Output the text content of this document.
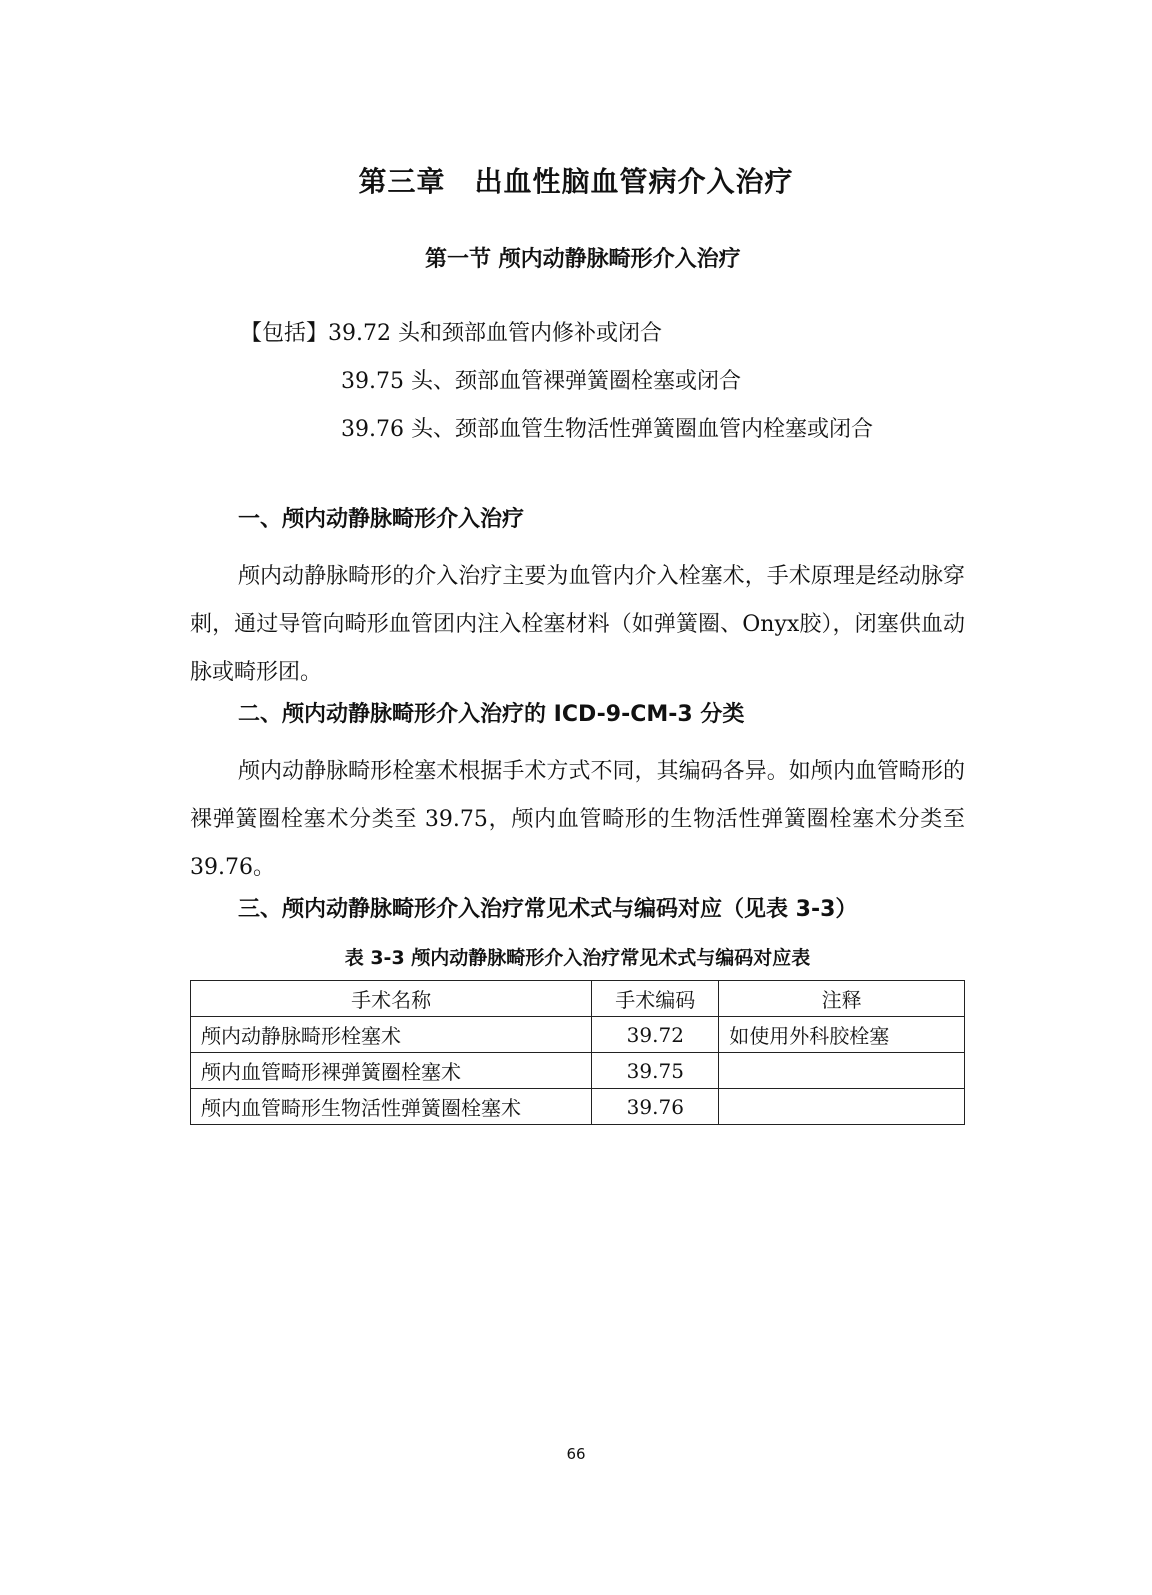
第三章　出血性脑血管病介入治疗
第一节 颅内动静脉畸形介入治疗
【包括】39.72 头和颈部血管内修补或闭合
39.75 头、颈部血管裸弹簧圈栓塞或闭合
39.76 头、颈部血管生物活性弹簧圈血管内栓塞或闭合
一、颅内动静脉畸形介入治疗

颅内动静脉畸形的介入治疗主要为血管内介入栓塞术，手术原理是经动脉穿刺，通过导管向畸形血管团内注入栓塞材料（如弹簧圈、Onyx胶），闭塞供血动脉或畸形团。

二、颅内动静脉畸形介入治疗的 ICD-9-CM-3 分类

颅内动静脉畸形栓塞术根据手术方式不同，其编码各异。如颅内血管畸形的裸弹簧圈栓塞术分类至 39.75，颅内血管畸形的生物活性弹簧圈栓塞术分类至 39.76。

三、颅内动静脉畸形介入治疗常见术式与编码对应（见表 3-3）
表 3-3 颅内动静脉畸形介入治疗常见术式与编码对应表
手术名称	手术编码	注释
颅内动静脉畸形栓塞术	39.72	如使用外科胶栓塞
颅内血管畸形裸弹簧圈栓塞术	39.75	
颅内血管畸形生物活性弹簧圈栓塞术	39.76	
66
